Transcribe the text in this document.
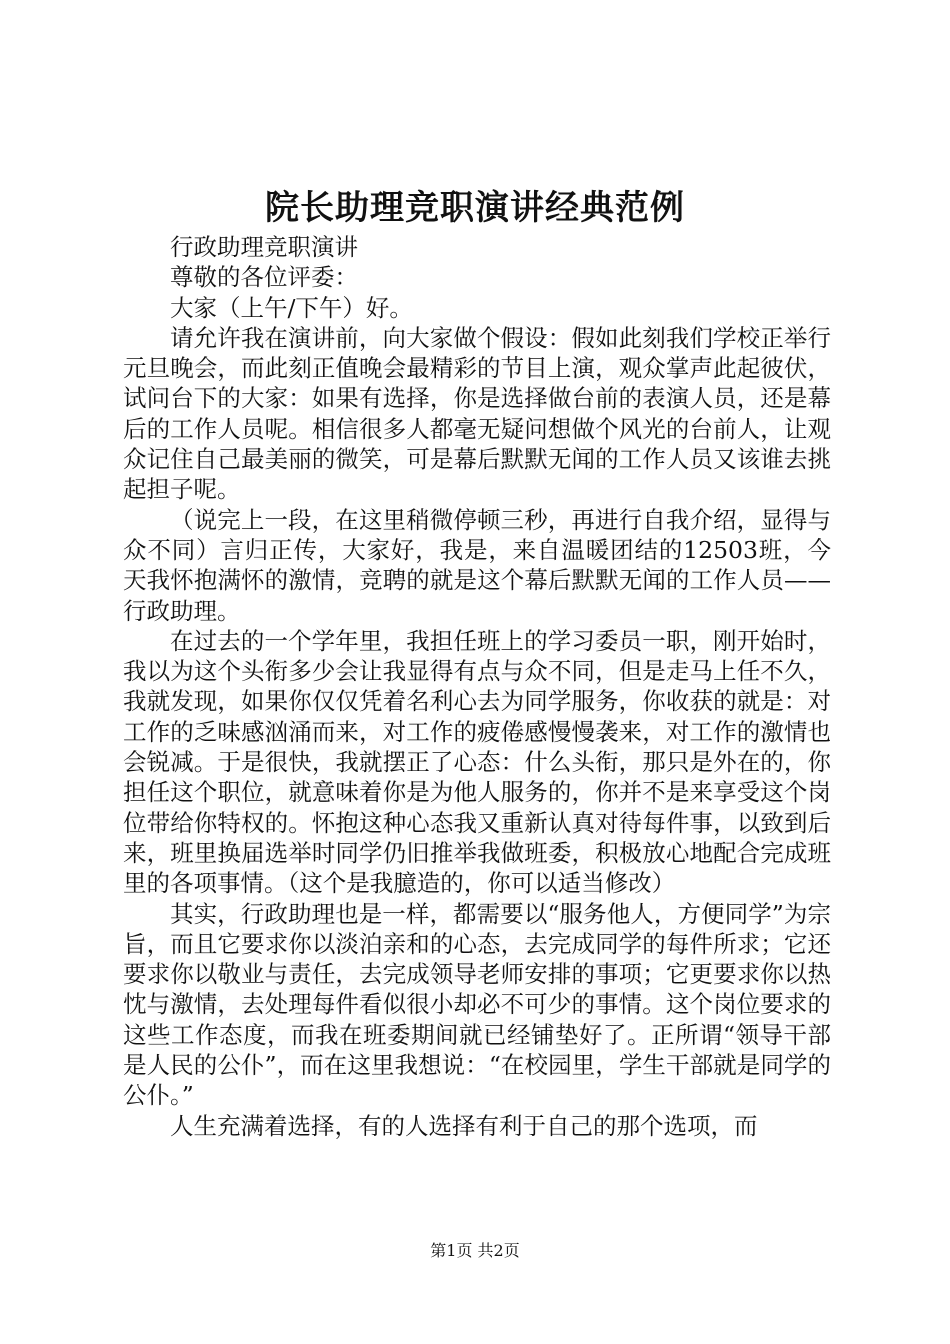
院长助理竞职演讲经典范例

行政助理竞职演讲

尊敬的各位评委：

大家（上午/下午）好。

请允许我在演讲前，向大家做个假设：假如此刻我们学校正举行元旦晚会，而此刻正值晚会最精彩的节目上演，观众掌声此起彼伏，试问台下的大家：如果有选择，你是选择做台前的表演人员，还是幕后的工作人员呢。相信很多人都毫无疑问想做个风光的台前人，让观众记住自己最美丽的微笑，可是幕后默默无闻的工作人员又该谁去挑起担子呢。

（说完上一段，在这里稍微停顿三秒，再进行自我介绍，显得与众不同）言归正传，大家好，我是，来自温暖团结的12503班，今天我怀抱满怀的激情，竞聘的就是这个幕后默默无闻的工作人员——行政助理。

在过去的一个学年里，我担任班上的学习委员一职，刚开始时，我以为这个头衔多少会让我显得有点与众不同，但是走马上任不久，我就发现，如果你仅仅凭着名利心去为同学服务，你收获的就是：对工作的乏味感汹涌而来，对工作的疲倦感慢慢袭来，对工作的激情也会锐减。于是很快，我就摆正了心态：什么头衔，那只是外在的，你担任这个职位，就意味着你是为他人服务的，你并不是来享受这个岗位带给你特权的。怀抱这种心态我又重新认真对待每件事，以致到后来，班里换届选举时同学仍旧推举我做班委，积极放心地配合完成班里的各项事情。（这个是我臆造的，你可以适当修改）

其实，行政助理也是一样，都需要以“服务他人，方便同学”为宗旨，而且它要求你以淡泊亲和的心态，去完成同学的每件所求；它还要求你以敬业与责任，去完成领导老师安排的事项；它更要求你以热忱与激情，去处理每件看似很小却必不可少的事情。这个岗位要求的这些工作态度，而我在班委期间就已经铺垫好了。正所谓“领导干部是人民的公仆”，而在这里我想说：“在校园里，学生干部就是同学的公仆。”

人生充满着选择，有的人选择有利于自己的那个选项，而

第1页 共2页
